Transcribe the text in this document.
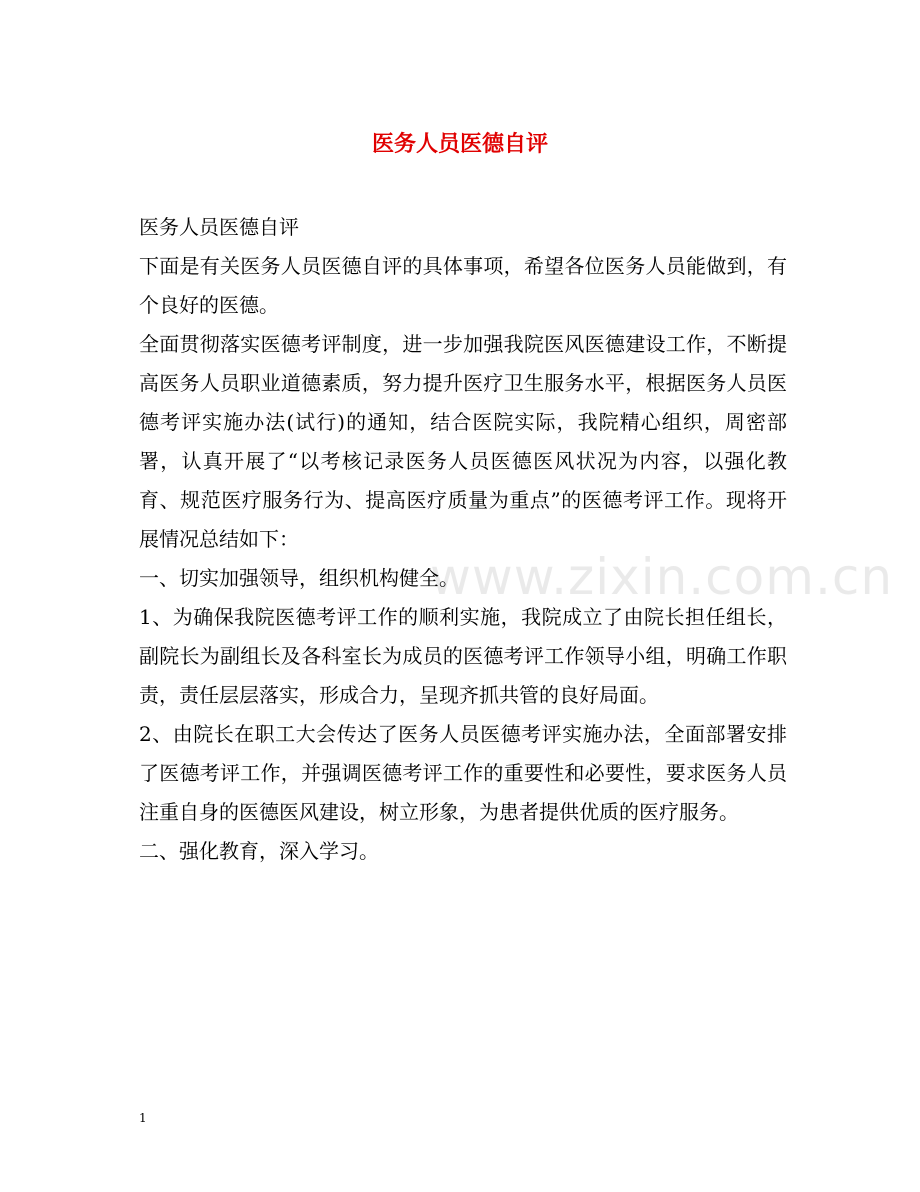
医务人员医德自评
www.zixin.com.cn

医务人员医德自评

下面是有关医务人员医德自评的具体事项，希望各位医务人员能做到，有个良好的医德。

全面贯彻落实医德考评制度，进一步加强我院医风医德建设工作，不断提高医务人员职业道德素质，努力提升医疗卫生服务水平，根据医务人员医德考评实施办法(试行)的通知，结合医院实际，我院精心组织，周密部署，认真开展了“以考核记录医务人员医德医风状况为内容，以强化教育、规范医疗服务行为、提高医疗质量为重点”的医德考评工作。现将开展情况总结如下：

一、切实加强领导，组织机构健全。

1、为确保我院医德考评工作的顺利实施，我院成立了由院长担任组长，副院长为副组长及各科室长为成员的医德考评工作领导小组，明确工作职责，责任层层落实，形成合力，呈现齐抓共管的良好局面。

2、由院长在职工大会传达了医务人员医德考评实施办法，全面部署安排了医德考评工作，并强调医德考评工作的重要性和必要性，要求医务人员注重自身的医德医风建设，树立形象，为患者提供优质的医疗服务。

二、强化教育，深入学习。

1
